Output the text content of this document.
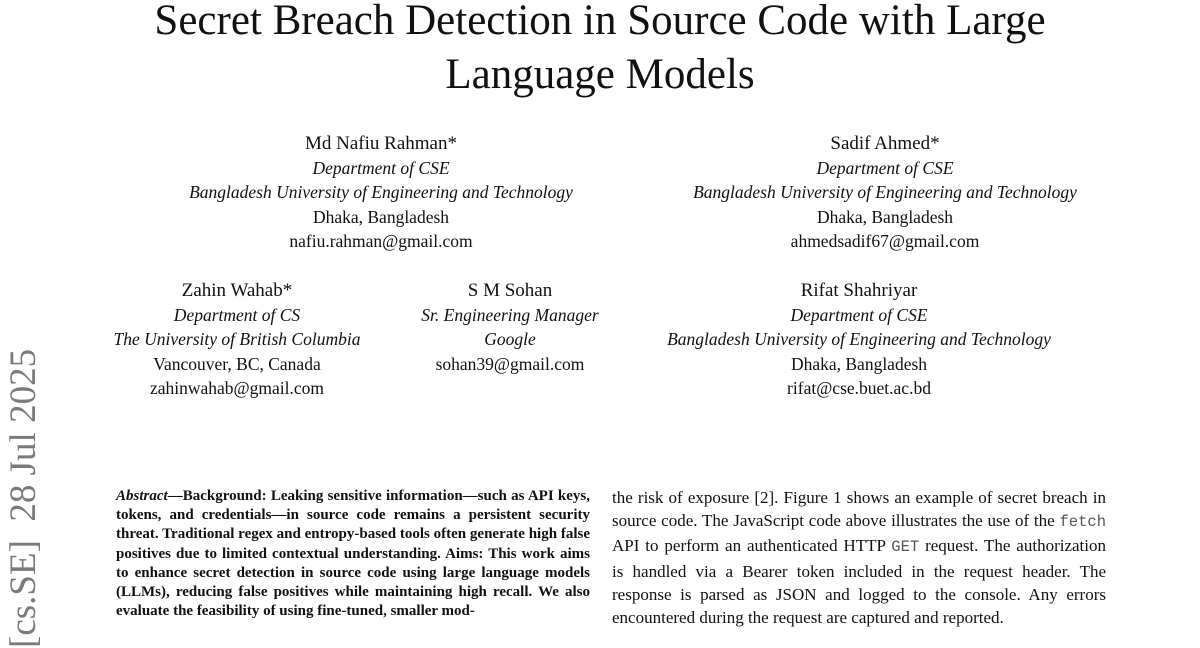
Secret Breach Detection in Source Code with Large
Language Models
Md Nafiu Rahman*
Department of CSE
Bangladesh University of Engineering and Technology
Dhaka, Bangladesh
nafiu.rahman@gmail.com
Sadif Ahmed*
Department of CSE
Bangladesh University of Engineering and Technology
Dhaka, Bangladesh
ahmedsadif67@gmail.com
Zahin Wahab*
Department of CS
The University of British Columbia
Vancouver, BC, Canada
zahinwahab@gmail.com
S M Sohan
Sr. Engineering Manager
Google
sohan39@gmail.com
Rifat Shahriyar
Department of CSE
Bangladesh University of Engineering and Technology
Dhaka, Bangladesh
rifat@cse.buet.ac.bd
[cs.SE]  28 Jul 2025	Abstract—Background: Leaking sensitive information—such as API keys, tokens, and credentials—in source code remains a persistent security threat. Traditional regex and entropy-based tools often generate high false positives due to limited contextual understanding. Aims: This work aims to enhance secret detection in source code using large language models (LLMs), reducing false positives while maintaining high recall. We also evaluate the feasibility of using fine-tuned, smaller mod-
the risk of exposure [2]. Figure 1 shows an example of secret breach in source code. The JavaScript code above illustrates the use of the fetch API to perform an authenticated HTTP GET request. The authorization is handled via a Bearer token included in the request header. The response is parsed as JSON and logged to the console. Any errors encountered during the request are captured and reported.
